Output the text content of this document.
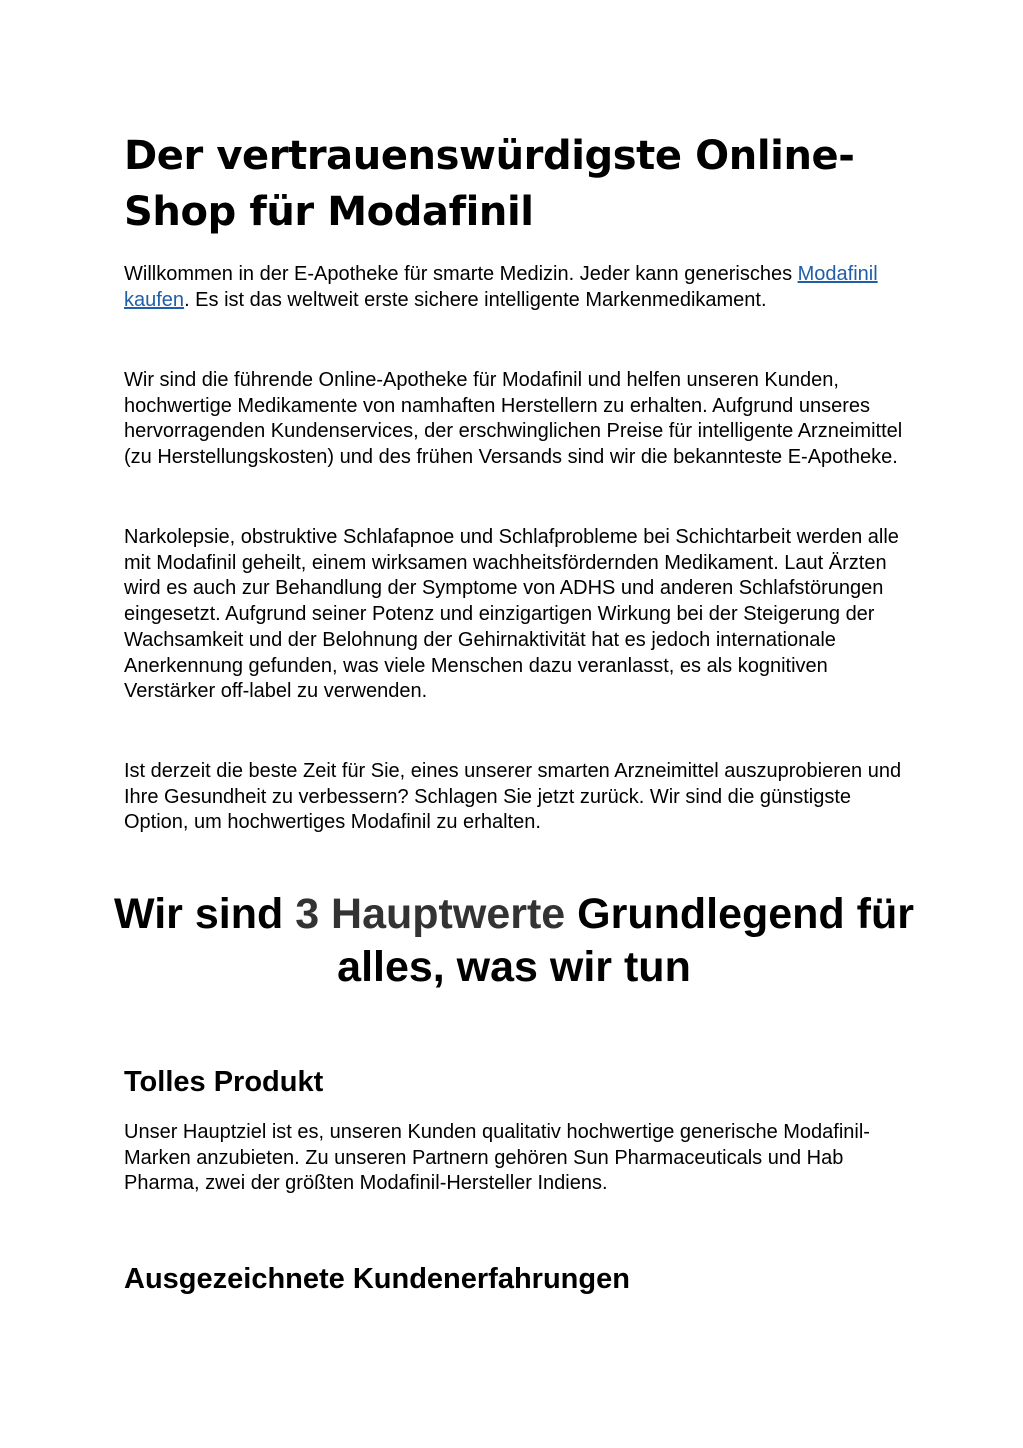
Der vertrauenswürdigste Online-Shop für Modafinil

Willkommen in der E-Apotheke für smarte Medizin. Jeder kann generisches Modafinil kaufen. Es ist das weltweit erste sichere intelligente Markenmedikament.

Wir sind die führende Online-Apotheke für Modafinil und helfen unseren Kunden, hochwertige Medikamente von namhaften Herstellern zu erhalten. Aufgrund unseres hervorragenden Kundenservices, der erschwinglichen Preise für intelligente Arzneimittel (zu Herstellungskosten) und des frühen Versands sind wir die bekannteste E-Apotheke.

Narkolepsie, obstruktive Schlafapnoe und Schlafprobleme bei Schichtarbeit werden alle mit Modafinil geheilt, einem wirksamen wachheitsfördernden Medikament. Laut Ärzten wird es auch zur Behandlung der Symptome von ADHS und anderen Schlafstörungen eingesetzt. Aufgrund seiner Potenz und einzigartigen Wirkung bei der Steigerung der Wachsamkeit und der Belohnung der Gehirnaktivität hat es jedoch internationale Anerkennung gefunden, was viele Menschen dazu veranlasst, es als kognitiven Verstärker off-label zu verwenden.

Ist derzeit die beste Zeit für Sie, eines unserer smarten Arzneimittel auszuprobieren und Ihre Gesundheit zu verbessern? Schlagen Sie jetzt zurück. Wir sind die günstigste Option, um hochwertiges Modafinil zu erhalten.

Wir sind 3 Hauptwerte Grundlegend für alles, was wir tun
Tolles Produkt

Unser Hauptziel ist es, unseren Kunden qualitativ hochwertige generische Modafinil-Marken anzubieten. Zu unseren Partnern gehören Sun Pharmaceuticals und Hab Pharma, zwei der größten Modafinil-Hersteller Indiens.

Ausgezeichnete Kundenerfahrungen
